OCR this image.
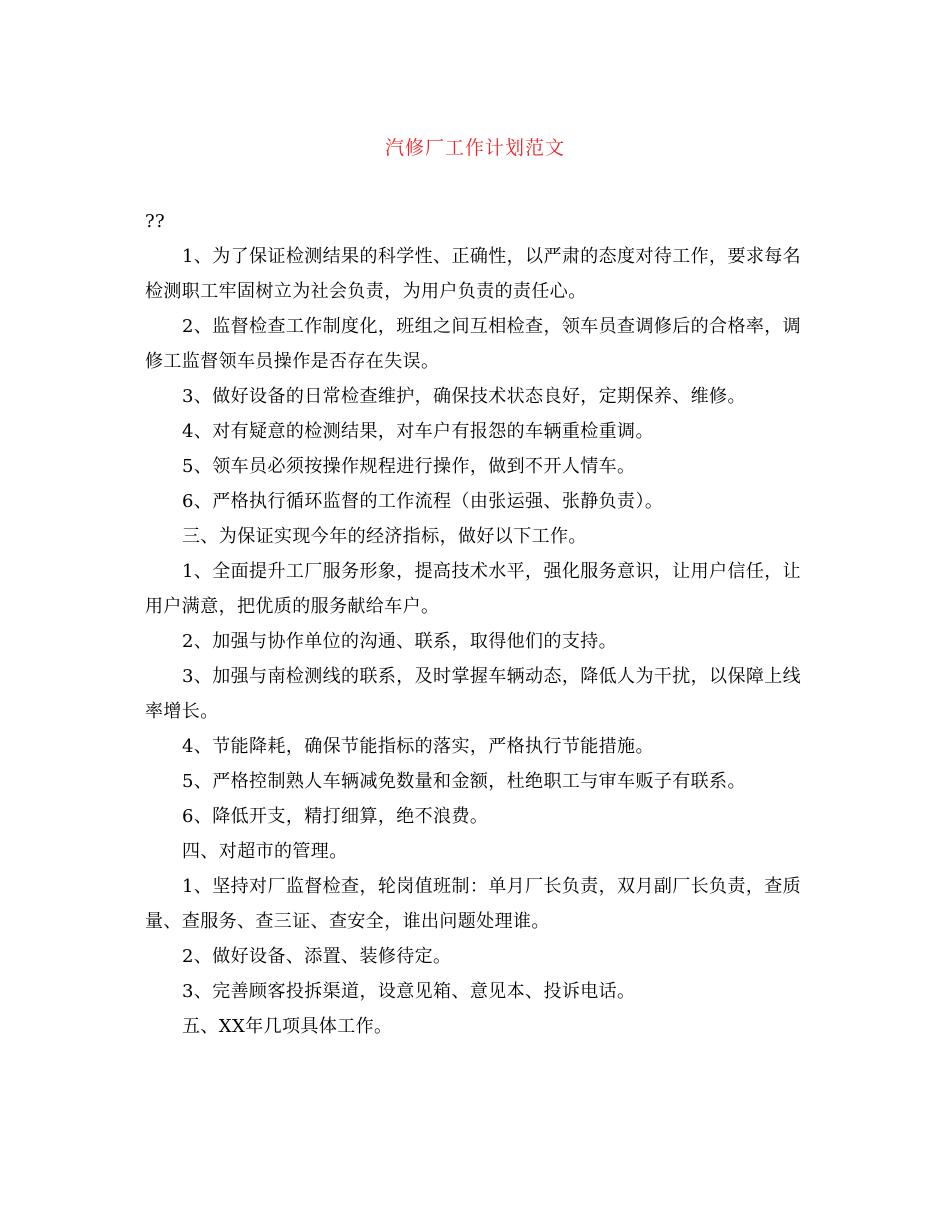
汽修厂工作计划范文

??

1、为了保证检测结果的科学性、正确性，以严肃的态度对待工作，要求每名检测职工牢固树立为社会负责，为用户负责的责任心。

2、监督检查工作制度化，班组之间互相检查，领车员查调修后的合格率，调修工监督领车员操作是否存在失误。

3、做好设备的日常检查维护，确保技术状态良好，定期保养、维修。

4、对有疑意的检测结果，对车户有报怨的车辆重检重调。

5、领车员必须按操作规程进行操作，做到不开人情车。

6、严格执行循环监督的工作流程（由张运强、张静负责）。

三、为保证实现今年的经济指标，做好以下工作。

1、全面提升工厂服务形象，提高技术水平，强化服务意识，让用户信任，让用户满意，把优质的服务献给车户。

2、加强与协作单位的沟通、联系，取得他们的支持。

3、加强与南检测线的联系，及时掌握车辆动态，降低人为干扰，以保障上线率增长。

4、节能降耗，确保节能指标的落实，严格执行节能措施。

5、严格控制熟人车辆减免数量和金额，杜绝职工与审车贩子有联系。

6、降低开支，精打细算，绝不浪费。

四、对超市的管理。

1、坚持对厂监督检查，轮岗值班制：单月厂长负责，双月副厂长负责，查质量、查服务、查三证、查安全，谁出问题处理谁。

2、做好设备、添置、装修待定。

3、完善顾客投拆渠道，设意见箱、意见本、投诉电话。

五、XX年几项具体工作。
